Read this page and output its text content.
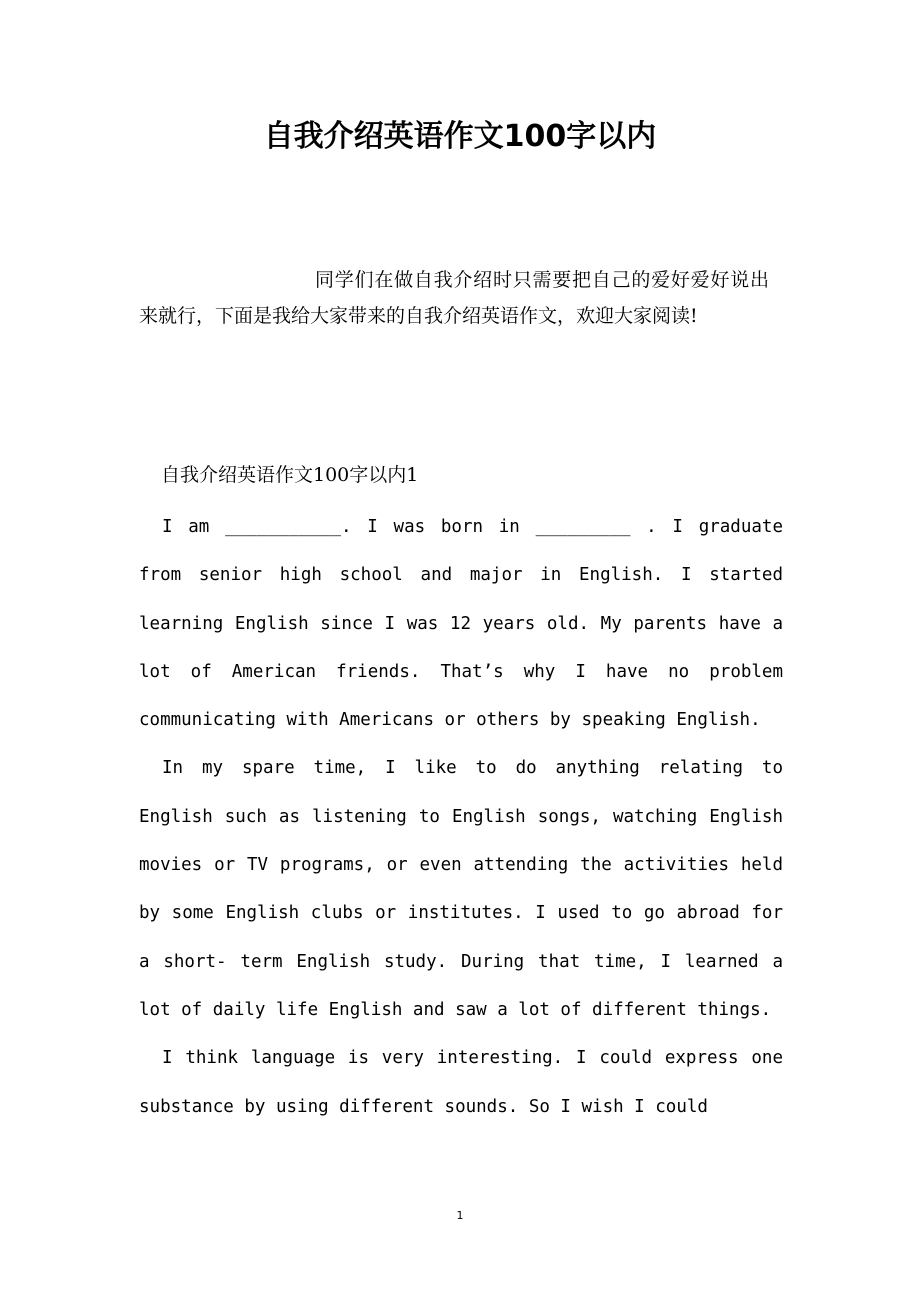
自我介绍英语作文100字以内

同学们在做自我介绍时只需要把自己的爱好爱好说出来就行，下面是我给大家带来的自我介绍英语作文，欢迎大家阅读!

自我介绍英语作文100字以内1

I am ___________. I was born in _________ . I graduate from senior high school and major in English. I started learning English since I was 12 years old. My parents have a lot of American friends. That’s why I have no problem communicating with Americans or others by speaking English.

In my spare time, I like to do anything relating to English such as listening to English songs, watching English movies or TV programs, or even attending the activities held by some English clubs or institutes. I used to go abroad for a short- term English study. During that time, I learned a lot of daily life English and saw a lot of different things.

I think language is very interesting. I could express one substance by using different sounds. So I wish I could

1
